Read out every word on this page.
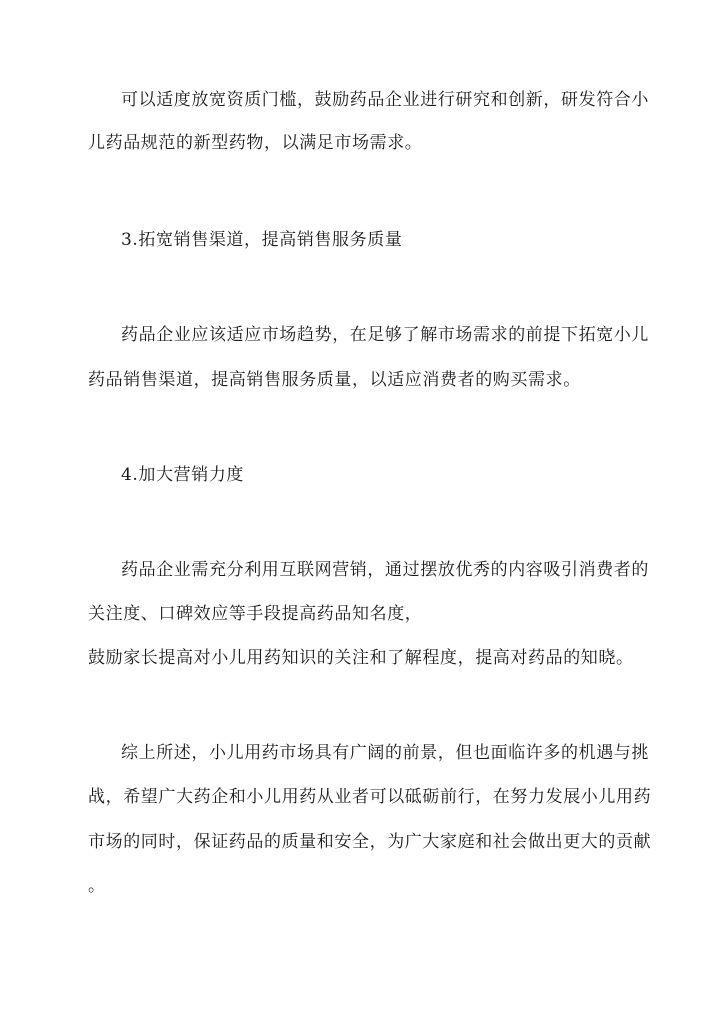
可以适度放宽资质门槛，鼓励药品企业进行研究和创新，研发符合小
儿药品规范的新型药物，以满足市场需求。
3.拓宽销售渠道，提高销售服务质量
药品企业应该适应市场趋势，在足够了解市场需求的前提下拓宽小儿
药品销售渠道，提高销售服务质量，以适应消费者的购买需求。
4.加大营销力度
药品企业需充分利用互联网营销，通过摆放优秀的内容吸引消费者的
关注度、口碑效应等手段提高药品知名度，
鼓励家长提高对小儿用药知识的关注和了解程度，提高对药品的知晓。
综上所述，小儿用药市场具有广阔的前景，但也面临许多的机遇与挑
战，希望广大药企和小儿用药从业者可以砥砺前行，在努力发展小儿用药
市场的同时，保证药品的质量和安全，为广大家庭和社会做出更大的贡献
。
